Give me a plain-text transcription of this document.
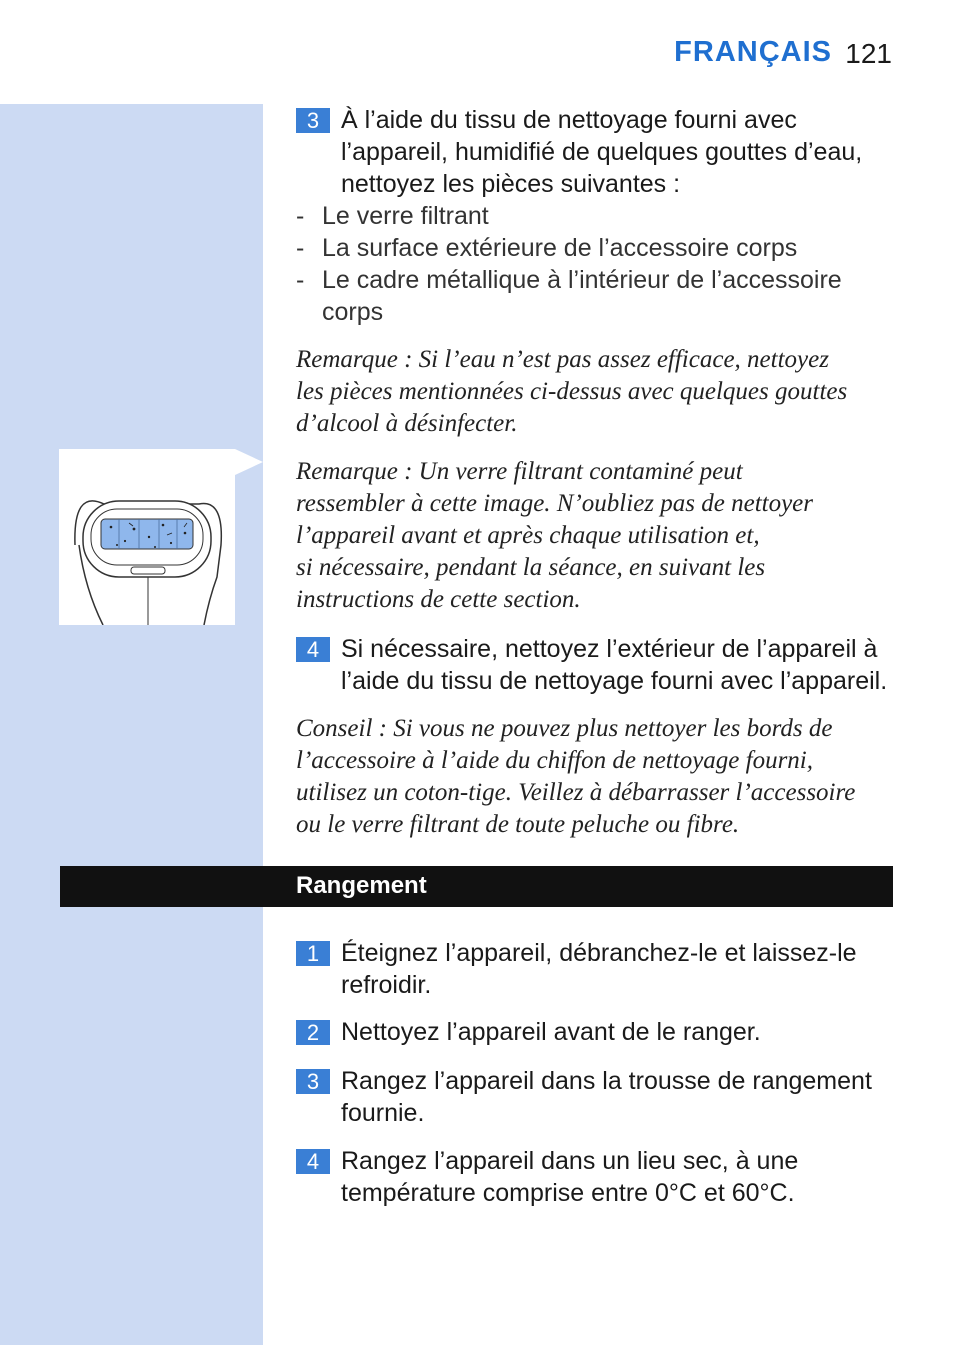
FRANÇAIS 121
3 À l’aide du tissu de nettoyage fourni avec
l’appareil, humidifié de quelques gouttes d’eau,
nettoyez les pièces suivantes :
- Le verre filtrant
- La surface extérieure de l’accessoire corps
- Le cadre métallique à l’intérieur de l’accessoire
corps
Remarque : Si l’eau n’est pas assez efficace, nettoyez
les pièces mentionnées ci-dessus avec quelques gouttes
d’alcool à désinfecter.
Remarque : Un verre filtrant contaminé peut
ressembler à cette image. N’oubliez pas de nettoyer
l’appareil avant et après chaque utilisation et,
si nécessaire, pendant la séance, en suivant les
instructions de cette section.
4 Si nécessaire, nettoyez l’extérieur de l’appareil à
l’aide du tissu de nettoyage fourni avec l’appareil.
Conseil : Si vous ne pouvez plus nettoyer les bords de
l’accessoire à l’aide du chiffon de nettoyage fourni,
utilisez un coton-tige. Veillez à débarrasser l’accessoire
ou le verre filtrant de toute peluche ou fibre.
Rangement
1 Éteignez l’appareil, débranchez-le et laissez-le
refroidir.
2 Nettoyez l’appareil avant de le ranger.
3 Rangez l’appareil dans la trousse de rangement
fournie.
4 Rangez l’appareil dans un lieu sec, à une
température comprise entre 0°C et 60°C.
